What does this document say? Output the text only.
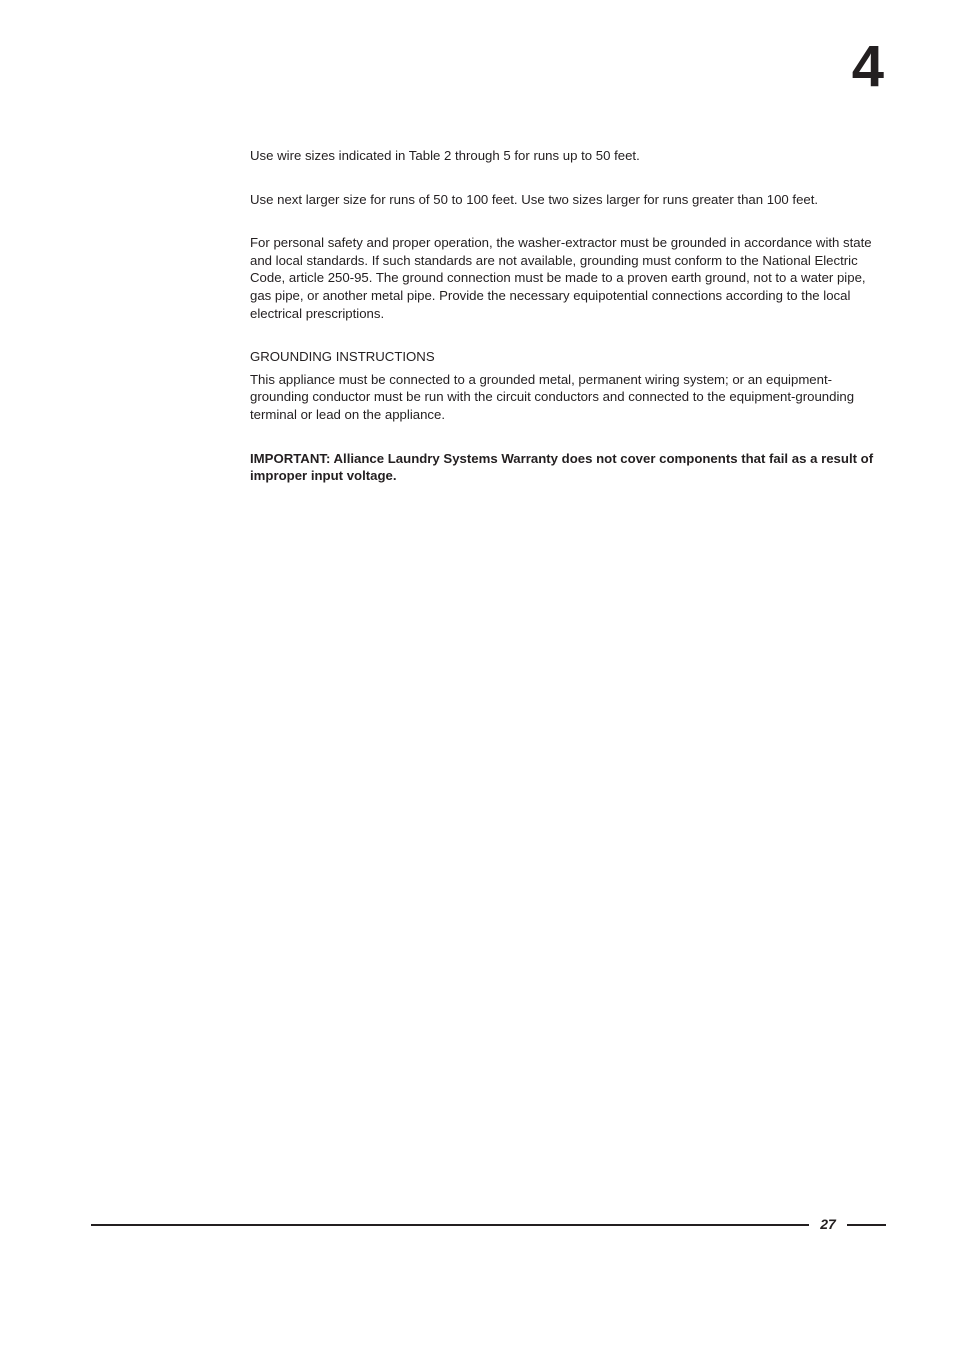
4

Use wire sizes indicated in Table 2 through 5 for runs up to 50 feet.

Use next larger size for runs of 50 to 100 feet. Use two sizes larger for runs greater than 100 feet.

For personal safety and proper operation, the washer-extractor must be grounded in accordance with state and local standards. If such standards are not available, grounding must conform to the National Electric Code, article 250-95. The ground connection must be made to a proven earth ground, not to a water pipe, gas pipe, or another metal pipe. Provide the necessary equipotential connections according to the local electrical prescriptions.

GROUNDING INSTRUCTIONS

This appliance must be connected to a grounded metal, permanent wiring system; or an equipment-grounding conductor must be run with the circuit conductors and connected to the equipment-grounding terminal or lead on the appliance.

IMPORTANT: Alliance Laundry Systems Warranty does not cover components that fail as a result of improper input voltage.

27
